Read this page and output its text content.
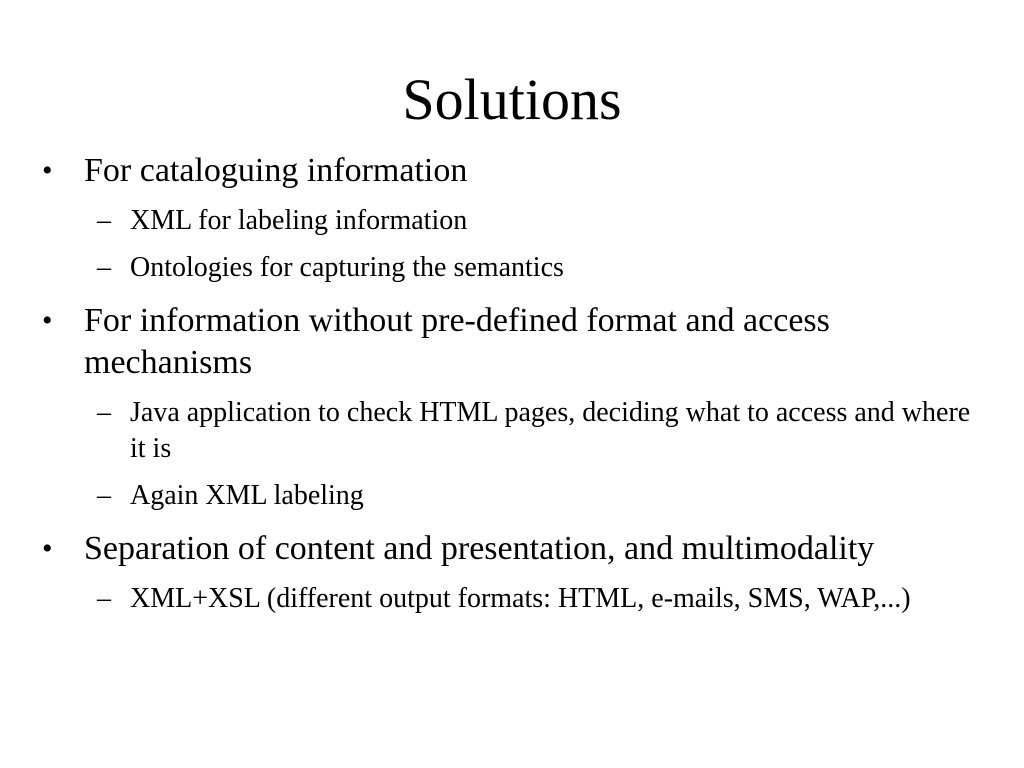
Solutions
• For cataloguing information
– XML for labeling information
– Ontologies for capturing the semantics
• For information without pre-defined format and access mechanisms
– Java application to check HTML pages, deciding what to access and where it is
– Again XML labeling
• Separation of content and presentation, and multimodality
– XML+XSL (different output formats: HTML, e-mails, SMS, WAP,...)
